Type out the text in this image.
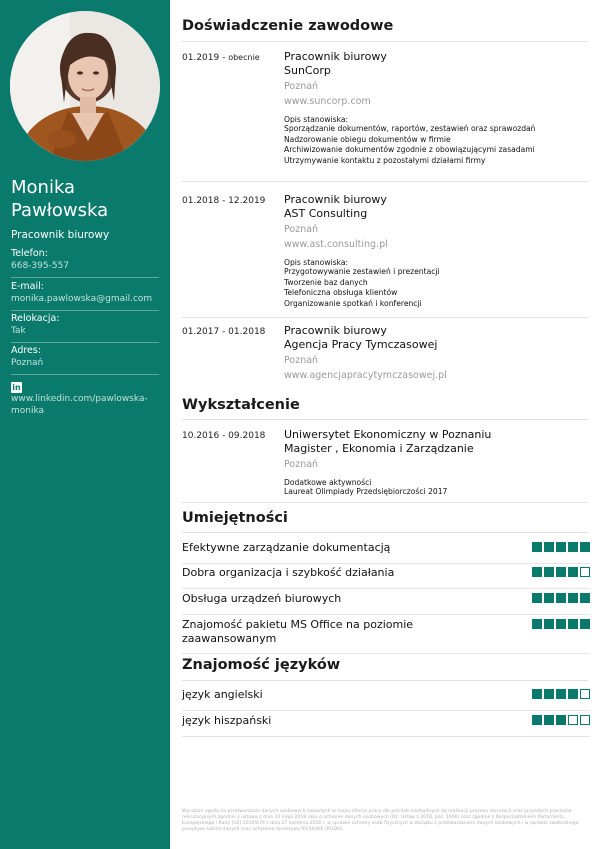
Monika
Pawłowska
Pracownik biurowy
Telefon:
668-395-557
E-mail:
monika.pawlowska@gmail.com
Relokacja:
Tak
Adres:
Poznań
inwww.linkedin.com/pawlowska-monika
Doświadczenie zawodowe
01.2019 - obecnie Pracownik biurowy
SunCorp
Poznań
www.suncorp.com
Opis stanowiska:
Sporządzanie dokumentów, raportów, zestawień oraz sprawozdań
Nadzorowanie obiegu dokumentów w firmie
Archiwizowanie dokumentów zgodnie z obowiązującymi zasadami
Utrzymywanie kontaktu z pozostałymi działami firmy
01.2018 - 12.2019 Pracownik biurowy
AST Consulting
Poznań
www.ast.consulting.pl
Opis stanowiska:
Przygotowywanie zestawień i prezentacji
Tworzenie baz danych
Telefoniczna obsługa klientów
Organizowanie spotkań i konferencji
01.2017 - 01.2018 Pracownik biurowy
Agencja Pracy Tymczasowej
Poznań
www.agencjapracytymczasowej.pl
Wykształcenie
10.2016 - 09.2018 Uniwersytet Ekonomiczny w Poznaniu
Magister , Ekonomia i Zarządzanie
Poznań
Dodatkowe aktywności
Laureat Olimpiady Przedsiębiorczości 2017
Umiejętności
Efektywne zarządzanie dokumentacją
Dobra organizacja i szybkość działania
Obsługa urządzeń biurowych
Znajomość pakietu MS Office na poziomie zaawansowanym
Znajomość języków
język angielski
język hiszpański
Wyrażam zgodę na przetwarzanie danych osobowych zawartych w mojej ofercie pracy dla potrzeb niezbędnych do realizacji procesu rekrutacji oraz przyszłych procesów rekrutacyjnych zgodnie z ustawą z dnia 10 maja 2018 roku o ochronie danych osobowych (Dz. Ustaw z 2018, poz. 1000) oraz zgodnie z Rozporządzeniem Parlamentu Europejskiego i Rady (UE) 2016/679 z dnia 27 kwietnia 2016 r. w sprawie ochrony osób fizycznych w związku z przetwarzaniem danych osobowych i w sprawie swobodnego przepływu takich danych oraz uchylenia dyrektywy 95/46/WE (RODO).
